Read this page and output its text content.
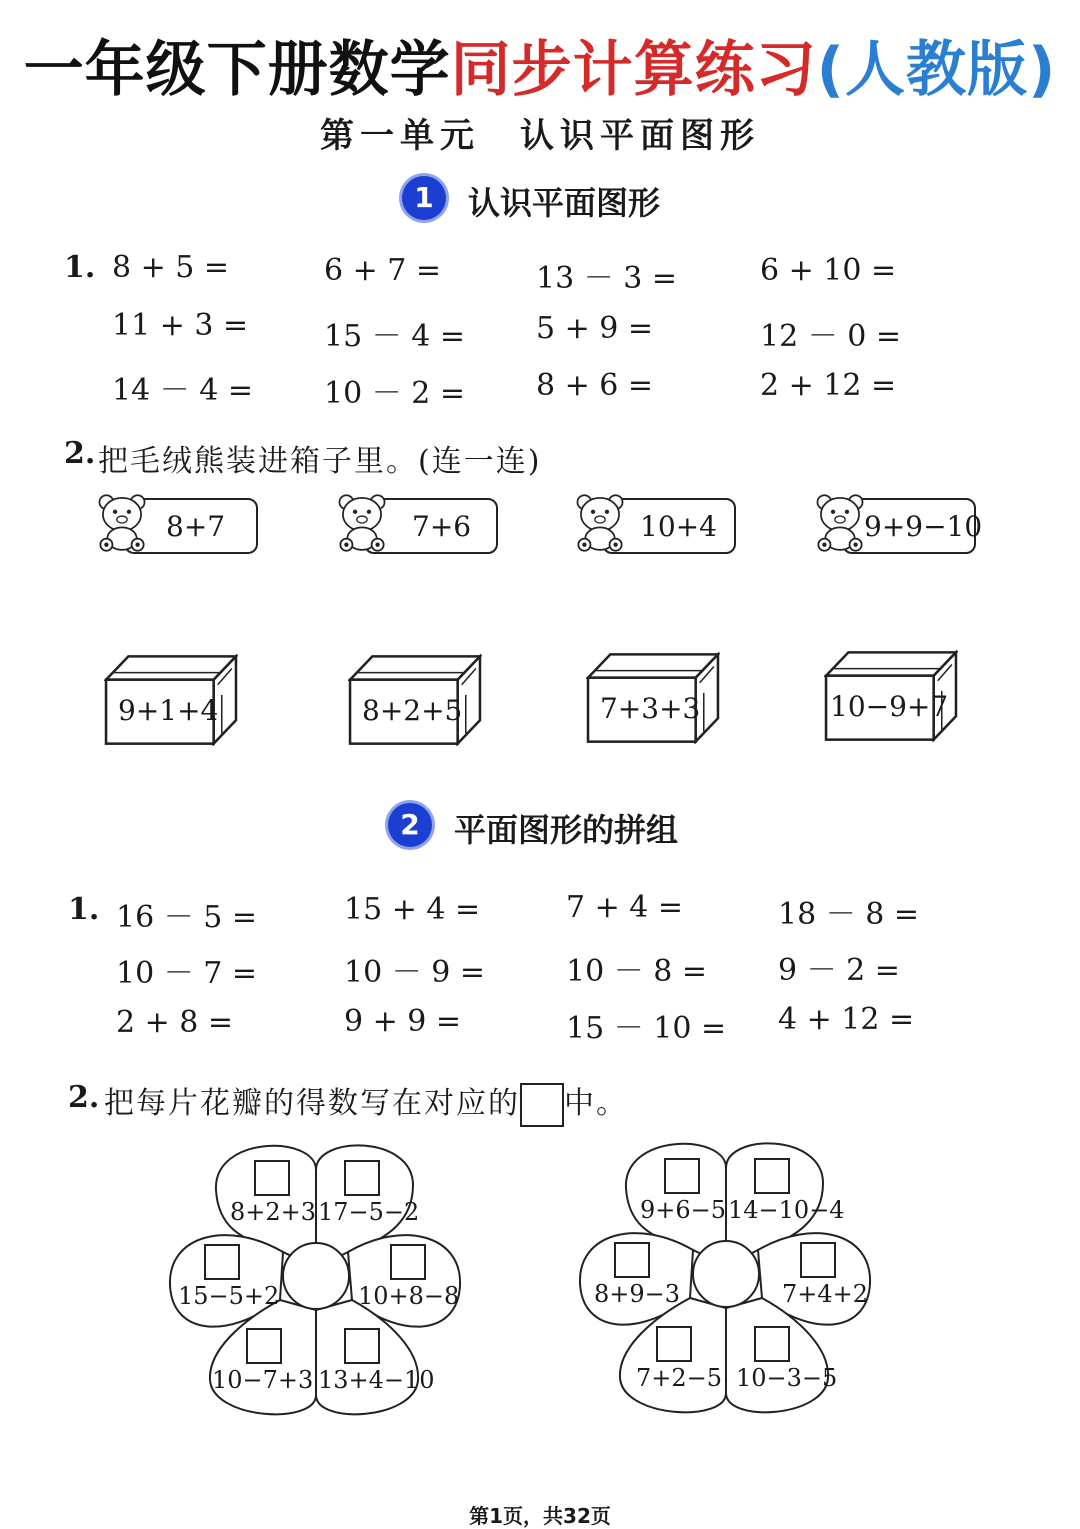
一年级下册数学同步计算练习(人教版)
第一单元　认识平面图形
1	认识平面图形
1. 8 + 5 =	6 + 7 =	13 － 3 =	6 + 10 =
11 + 3 =	15 － 4 = 5 + 9 =	12 － 0 =
14 － 4 = 10 － 2 = 8 + 6 =	2 + 12 =
2. 把毛绒熊装进箱子里。(连一连)
8+7	7+6	10+4	9+9−10
9+1+4	8+2+5	7+3+3	10−9+7
2	平面图形的拼组
1. 16 － 5 =	15 + 4 =	7 + 4 =	18 － 8 =
10 － 7 =	10 － 9 =	10 － 8 = 9 － 2 =
2 + 8 =	9 + 9 =	15 － 10 = 4 + 12 =
2. 把每片花瓣的得数写在对应的 中。
8+2+3 17−5−2
15−5+2	10+8−8
10−7+3 13+4−10
9+6−5 14−10−4
8+9−3	7+4+2
7+2−5 10−3−5
第1页，共32页
